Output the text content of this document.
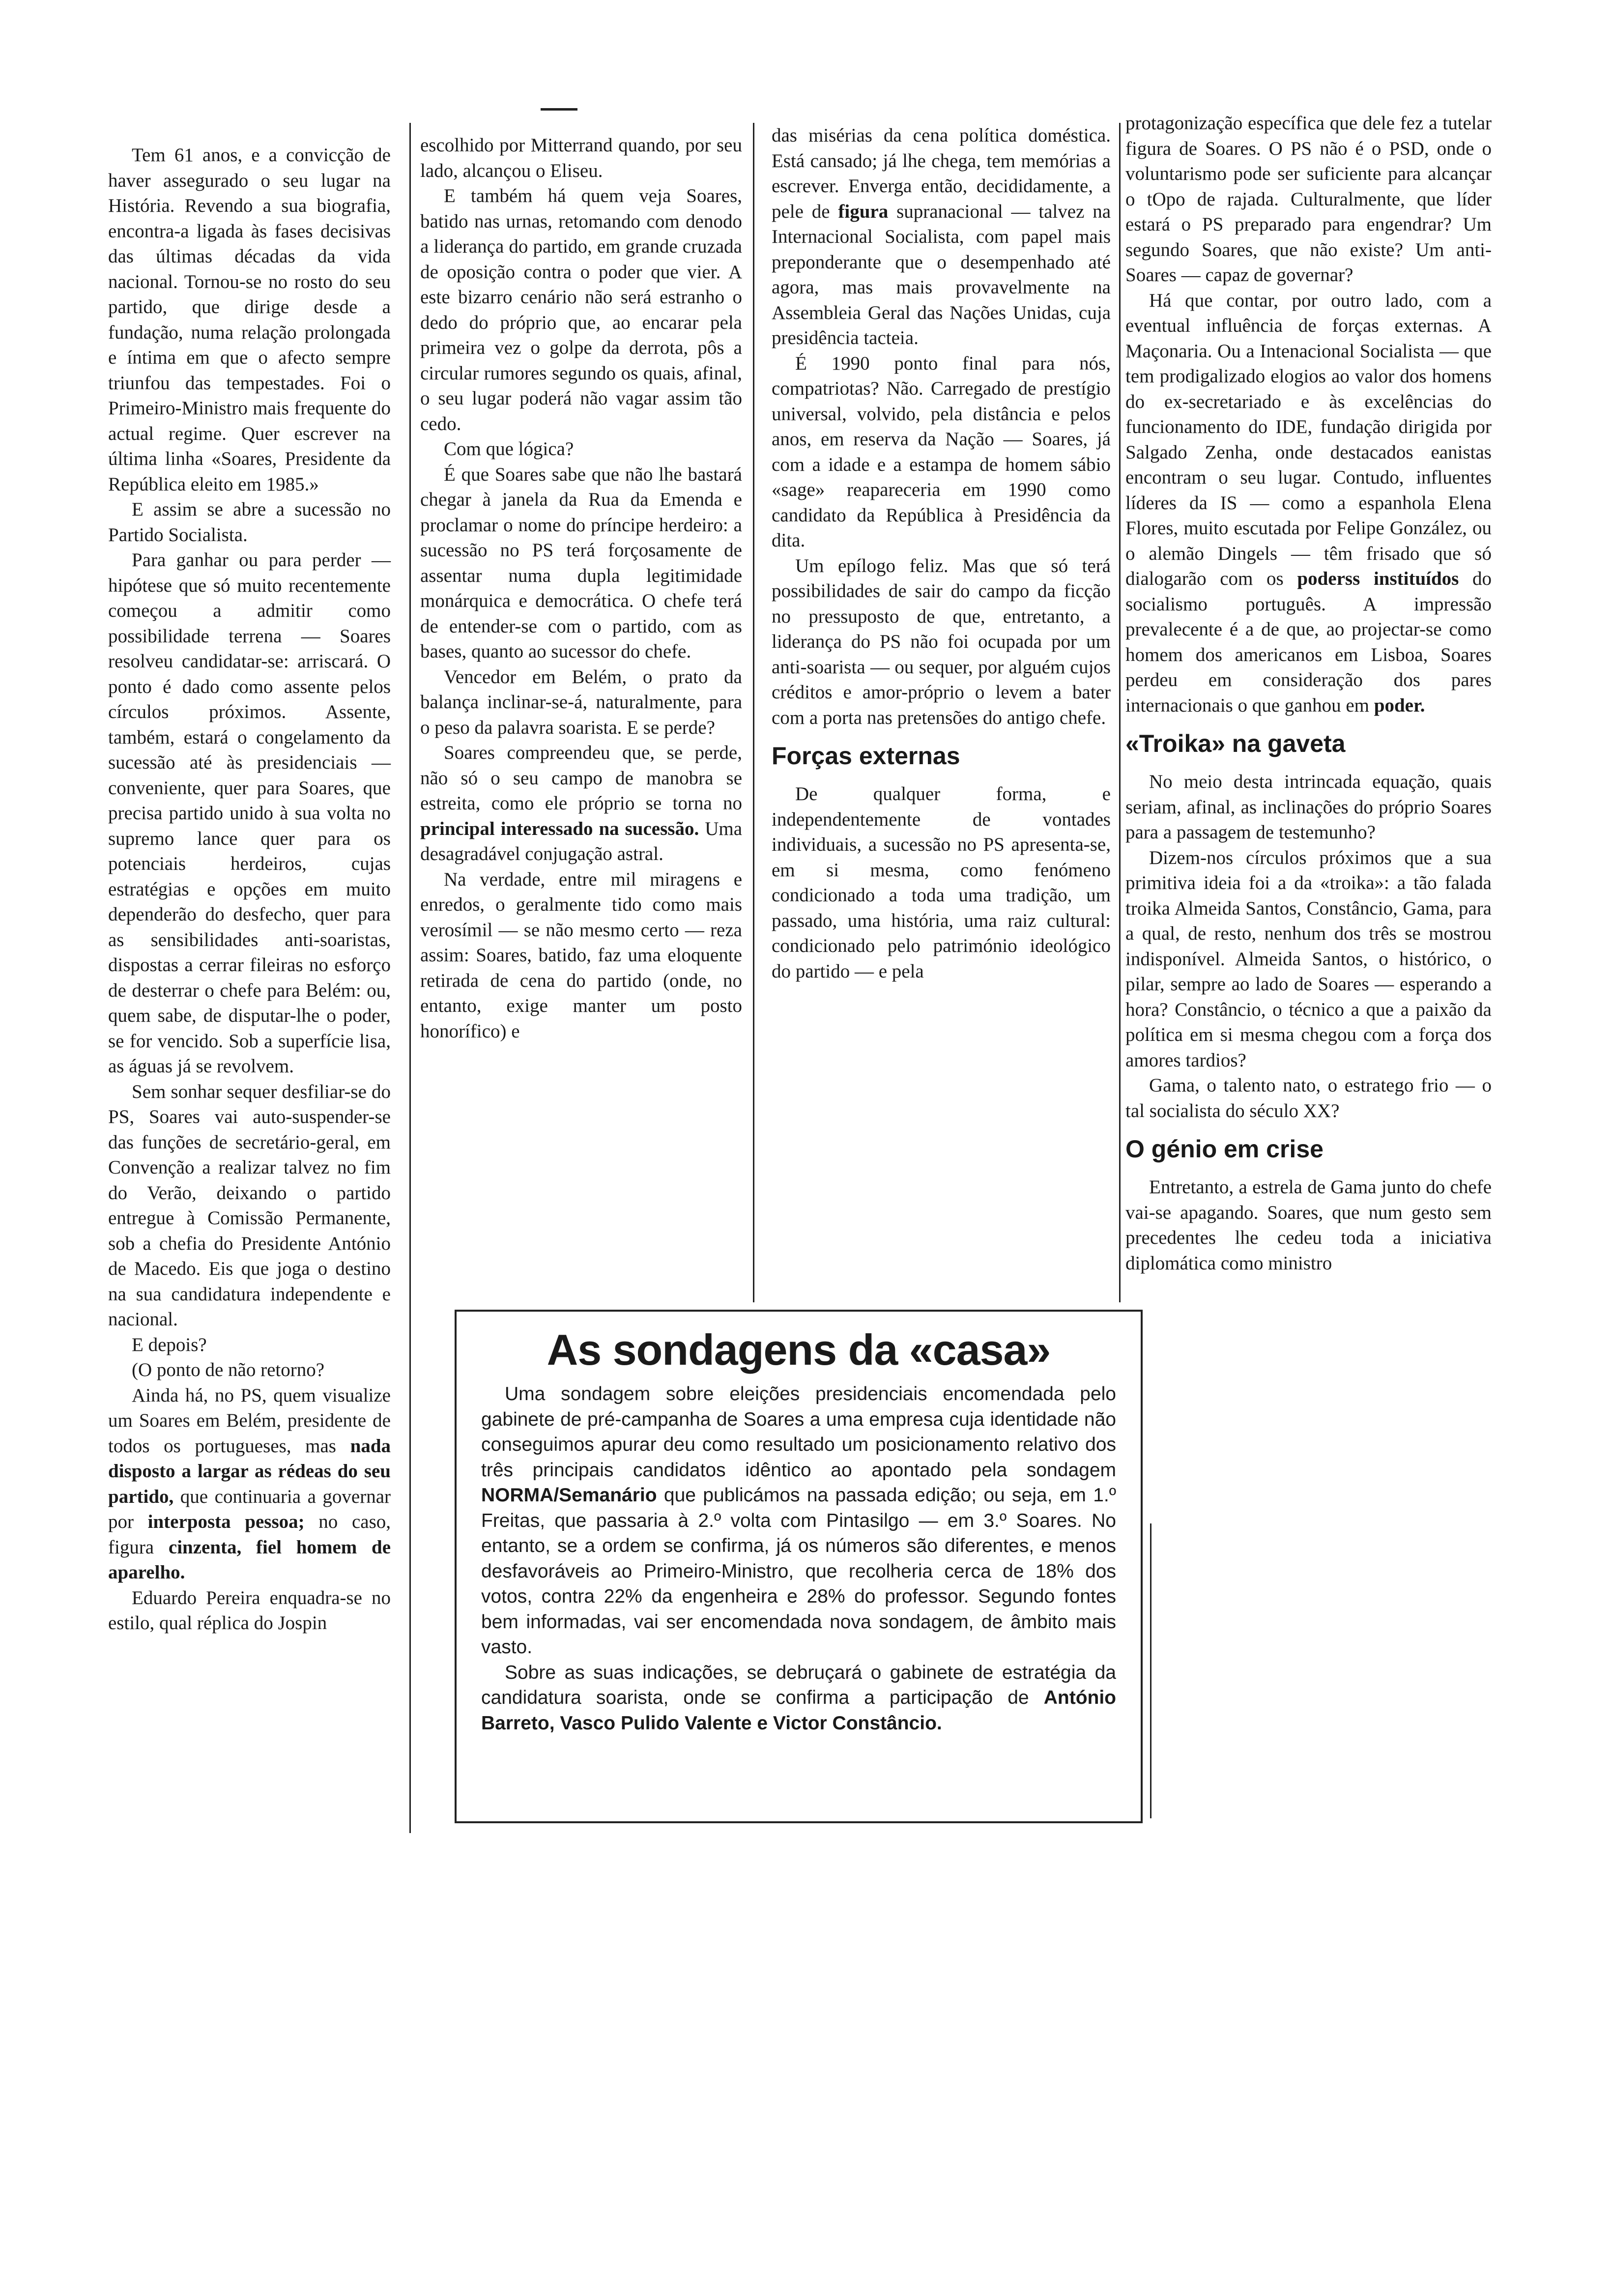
Tem 61 anos, e a convicção de haver assegurado o seu lugar na História. Revendo a sua biografia, encontra-a ligada às fases decisivas das últimas décadas da vida nacional. Tornou-se no rosto do seu partido, que dirige desde a fundação, numa relação prolongada e íntima em que o afecto sempre triunfou das tempestades. Foi o Primeiro-Ministro mais frequente do actual regime. Quer escrever na última linha «Soares, Presidente da República eleito em 1985.»

E assim se abre a sucessão no Partido Socialista.

Para ganhar ou para perder — hipótese que só muito recentemente começou a admitir como possibilidade terrena — Soares resolveu candidatar-se: arriscará. O ponto é dado como assente pelos círculos próximos. Assente, também, estará o congelamento da sucessão até às presidenciais — conveniente, quer para Soares, que precisa partido unido à sua volta no supremo lance quer para os potenciais herdeiros, cujas estratégias e opções em muito dependerão do desfecho, quer para as sensibilidades anti-soaristas, dispostas a cerrar fileiras no esforço de desterrar o chefe para Belém: ou, quem sabe, de disputar-lhe o poder, se for vencido. Sob a superfície lisa, as águas já se revolvem.

Sem sonhar sequer desfiliar-se do PS, Soares vai auto-suspender-se das funções de secretário-geral, em Convenção a realizar talvez no fim do Verão, deixando o partido entregue à Comissão Permanente, sob a chefia do Presidente António de Macedo. Eis que joga o destino na sua candidatura independente e nacional.

E depois?

(O ponto de não retorno?

Ainda há, no PS, quem visualize um Soares em Belém, presidente de todos os portugueses, mas nada disposto a largar as rédeas do seu partido, que continuaria a governar por interposta pessoa; no caso, figura cinzenta, fiel homem de aparelho.

Eduardo Pereira enquadra-se no estilo, qual réplica do Jospin

escolhido por Mitterrand quando, por seu lado, alcançou o Eliseu.

E também há quem veja Soares, batido nas urnas, retomando com denodo a liderança do partido, em grande cruzada de oposição contra o poder que vier. A este bizarro cenário não será estranho o dedo do próprio que, ao encarar pela primeira vez o golpe da derrota, pôs a circular rumores segundo os quais, afinal, o seu lugar poderá não vagar assim tão cedo.

Com que lógica?

É que Soares sabe que não lhe bastará chegar à janela da Rua da Emenda e proclamar o nome do príncipe herdeiro: a sucessão no PS terá forçosamente de assentar numa dupla legitimidade monárquica e democrática. O chefe terá de entender-se com o partido, com as bases, quanto ao sucessor do chefe.

Vencedor em Belém, o prato da balança inclinar-se-á, naturalmente, para o peso da palavra soarista. E se perde?

Soares compreendeu que, se perde, não só o seu campo de manobra se estreita, como ele próprio se torna no principal interessado na sucessão. Uma desagradável conjugação astral.

Na verdade, entre mil miragens e enredos, o geralmente tido como mais verosímil — se não mesmo certo — reza assim: Soares, batido, faz uma eloquente retirada de cena do partido (onde, no entanto, exige manter um posto honorífico) e

das misérias da cena política doméstica. Está cansado; já lhe chega, tem memórias a escrever. Enverga então, decididamente, a pele de figura supranacional — talvez na Internacional Socialista, com papel mais preponderante que o desempenhado até agora, mas mais provavelmente na Assembleia Geral das Nações Unidas, cuja presidência tacteia.

É 1990 ponto final para nós, compatriotas? Não. Carregado de prestígio universal, volvido, pela distância e pelos anos, em reserva da Nação — Soares, já com a idade e a estampa de homem sábio «sage» reapareceria em 1990 como candidato da República à Presidência da dita.

Um epílogo feliz. Mas que só terá possibilidades de sair do campo da ficção no pressuposto de que, entretanto, a liderança do PS não foi ocupada por um anti-soarista — ou sequer, por alguém cujos créditos e amor-próprio o levem a bater com a porta nas pretensões do antigo chefe.

Forças externas

De qualquer forma, e independentemente de vontades individuais, a sucessão no PS apresenta-se, em si mesma, como fenómeno condicionado a toda uma tradição, um passado, uma história, uma raiz cultural: condicionado pelo património ideológico do partido — e pela

protagonização específica que dele fez a tutelar figura de Soares. O PS não é o PSD, onde o voluntarismo pode ser suficiente para alcançar o tOpo de rajada. Culturalmente, que líder estará o PS preparado para engendrar? Um segundo Soares, que não existe? Um anti-Soares — capaz de governar?

Há que contar, por outro lado, com a eventual influência de forças externas. A Maçonaria. Ou a Intenacional Socialista — que tem prodigalizado elogios ao valor dos homens do ex-secretariado e às excelências do funcionamento do IDE, fundação dirigida por Salgado Zenha, onde destacados eanistas encontram o seu lugar. Contudo, influentes líderes da IS — como a espanhola Elena Flores, muito escutada por Felipe González, ou o alemão Dingels — têm frisado que só dialogarão com os poderss instituídos do socialismo português. A impressão prevalecente é a de que, ao projectar-se como homem dos americanos em Lisboa, Soares perdeu em consideração dos pares internacionais o que ganhou em poder.

«Troika» na gaveta

No meio desta intrincada equação, quais seriam, afinal, as inclinações do próprio Soares para a passagem de testemunho?

Dizem-nos círculos próximos que a sua primitiva ideia foi a da «troika»: a tão falada troika Almeida Santos, Constâncio, Gama, para a qual, de resto, nenhum dos três se mostrou indisponível. Almeida Santos, o histórico, o pilar, sempre ao lado de Soares — esperando a hora? Constâncio, o técnico a que a paixão da política em si mesma chegou com a força dos amores tardios?

Gama, o talento nato, o estratego frio — o tal socialista do século XX?

O génio em crise

Entretanto, a estrela de Gama junto do chefe vai-se apagando. Soares, que num gesto sem precedentes lhe cedeu toda a iniciativa diplomática como ministro

As sondagens da «casa»

Uma sondagem sobre eleições presidenciais encomendada pelo gabinete de pré-campanha de Soares a uma empresa cuja identidade não conseguimos apurar deu como resultado um posicionamento relativo dos três principais candidatos idêntico ao apontado pela sondagem NORMA/Semanário que publicámos na passada edição; ou seja, em 1.º Freitas, que passaria à 2.º volta com Pintasilgo — em 3.º Soares. No entanto, se a ordem se confirma, já os números são diferentes, e menos desfavoráveis ao Primeiro-Ministro, que recolheria cerca de 18% dos votos, contra 22% da engenheira e 28% do professor. Segundo fontes bem informadas, vai ser encomendada nova sondagem, de âmbito mais vasto.

Sobre as suas indicações, se debruçará o gabinete de estratégia da candidatura soarista, onde se confirma a participação de António Barreto, Vasco Pulido Valente e Victor Constâncio.
